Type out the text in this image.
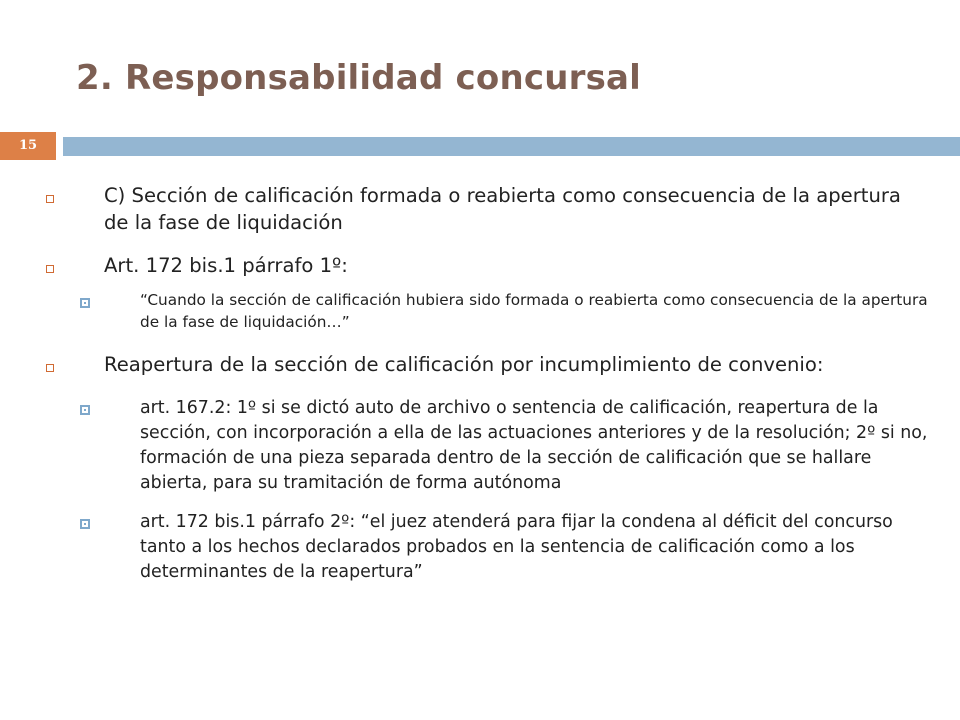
2. Responsabilidad concursal
15
C) Sección de calificación formada o reabierta como consecuencia de la apertura de la fase de liquidación
Art. 172 bis.1 párrafo 1º:
“Cuando la sección de calificación hubiera sido formada o reabierta como consecuencia de la apertura de la fase de liquidación…”
Reapertura de la sección de calificación por incumplimiento de convenio:
art. 167.2: 1º si se dictó auto de archivo o sentencia de calificación, reapertura de la sección, con incorporación a ella de las actuaciones anteriores y de la resolución; 2º si no, formación de una pieza separada dentro de la sección de calificación que se hallare abierta, para su tramitación de forma autónoma
art. 172 bis.1 párrafo 2º: “el juez atenderá para fijar la condena al déficit del concurso tanto a los hechos declarados probados en la sentencia de calificación como a los determinantes de la reapertura”
